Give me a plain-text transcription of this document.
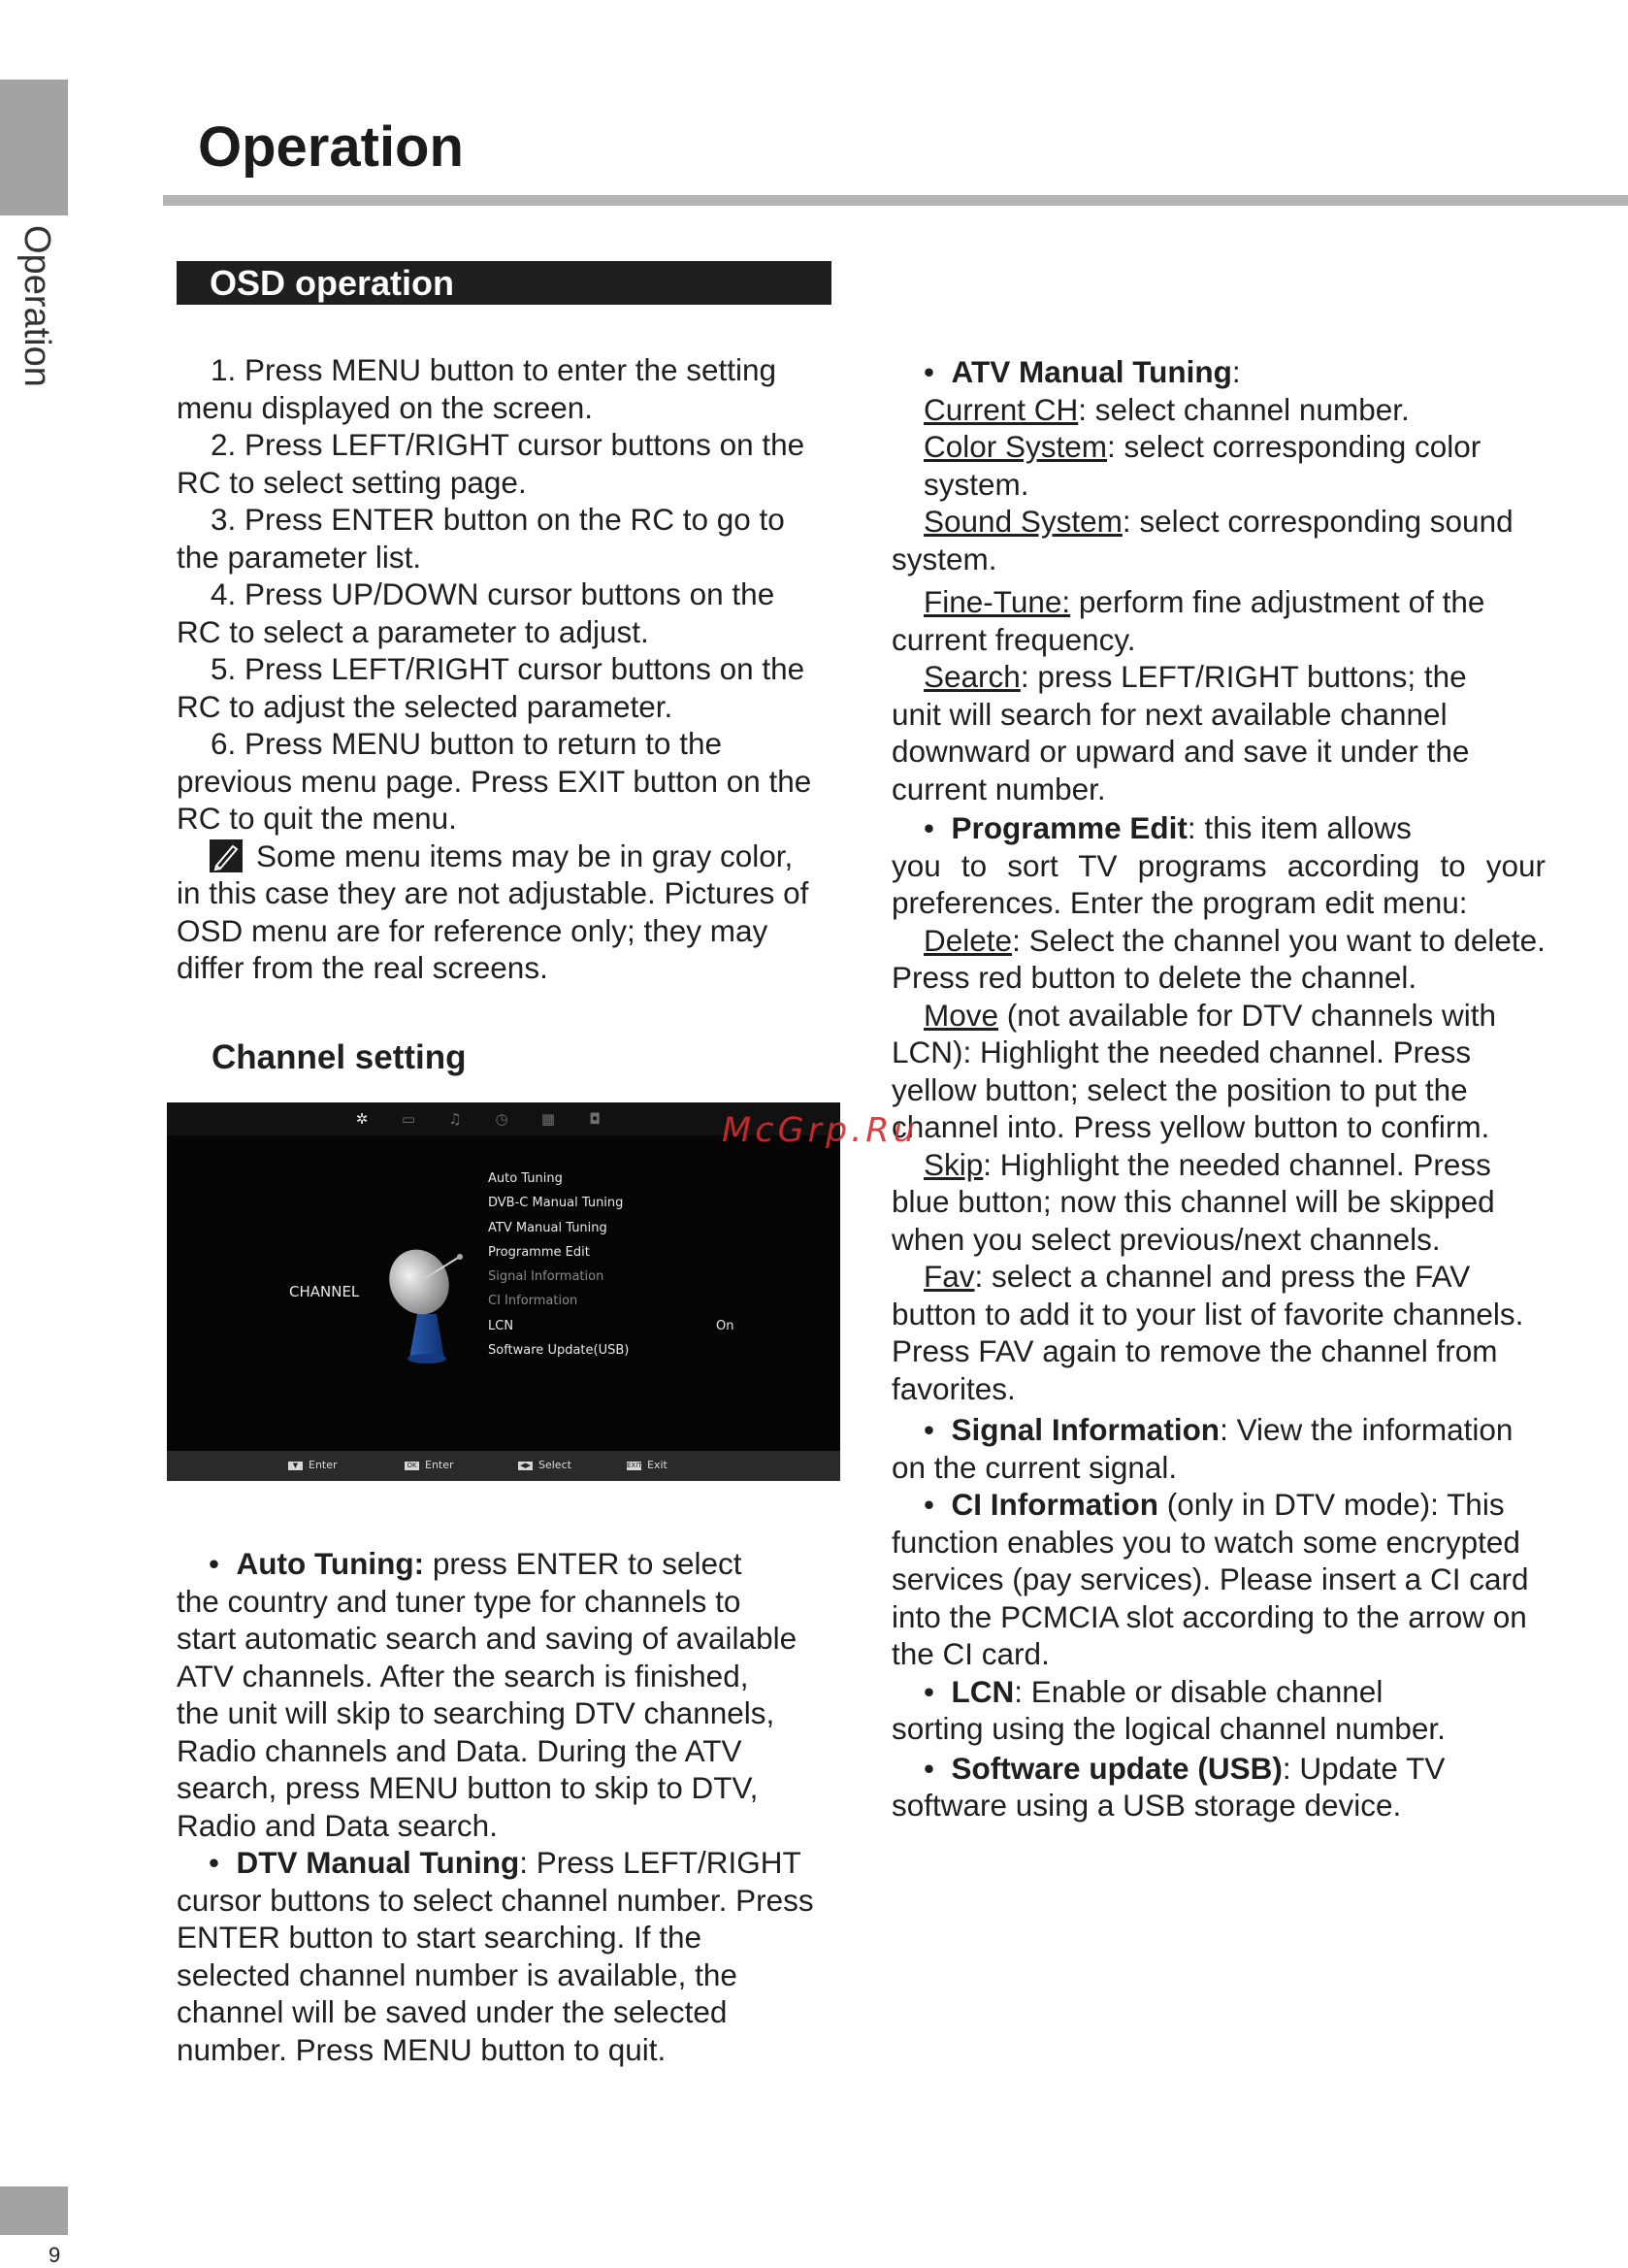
Operation
Operation
OSD operation

1. Press MENU button to enter the setting

menu displayed on the screen.

2. Press LEFT/RIGHT cursor buttons on the

RC to select setting page.

3. Press ENTER button on the RC to go to

the parameter list.

4. Press UP/DOWN cursor buttons on the

RC to select a parameter to adjust.

5. Press LEFT/RIGHT cursor buttons on the

RC to adjust the selected parameter.

6. Press MENU button to return to the

previous menu page. Press EXIT button on the

RC to quit the menu.

Some menu items may be in gray color,

in this case they are not adjustable. Pictures of

OSD menu are for reference only; they may

differ from the real screens.

Channel setting
✲	▭ ♫ ◷ ▦	◘
CHANNEL
Auto Tuning
DVB-C Manual Tuning
ATV Manual Tuning
Programme Edit
Signal Information
CI Information
LCN
Software Update(USB)
On
▼ Enter	OK Enter	◀▶ Select	EXIT Exit

•  Auto Tuning: press ENTER to select

the country and tuner type for channels to

start automatic search and saving of available

ATV channels. After the search is finished,

the unit will skip to searching DTV channels,

Radio channels and Data. During the ATV

search, press MENU button to skip to DTV,

Radio and Data search.

•  DTV Manual Tuning: Press LEFT/RIGHT

cursor buttons to select channel number. Press

ENTER button to start searching. If the

selected channel number is available, the

channel will be saved under the selected

number. Press MENU button to quit.

•  ATV Manual Tuning:

Current CH: select channel number.

Color System: select corresponding color

system.

Sound System: select corresponding sound

system.

Fine-Tune: perform fine adjustment of the

current frequency.

Search: press LEFT/RIGHT buttons; the

unit will search for next available channel

downward or upward and save it under the

current number.

•  Programme Edit: this item allows

you to sort TV programs according to your

preferences. Enter the program edit menu:

Delete: Select the channel you want to delete.

Press red button to delete the channel.

Move (not available for DTV channels with

LCN): Highlight the needed channel. Press

yellow button; select the position to put the

channel into. Press yellow button to confirm.

Skip: Highlight the needed channel. Press

blue button; now this channel will be skipped

when you select previous/next channels.

Fav: select a channel and press the FAV

button to add it to your list of favorite channels.

Press FAV again to remove the channel from

favorites.

•  Signal Information: View the information

on the current signal.

•  CI Information (only in DTV mode): This

function enables you to watch some encrypted

services (pay services). Please insert a CI card

into the PCMCIA slot according to the arrow on

the CI card.

•  LCN: Enable or disable channel

sorting using the logical channel number.

•  Software update (USB): Update TV

software using a USB storage device.

McGrp.Ru
9
